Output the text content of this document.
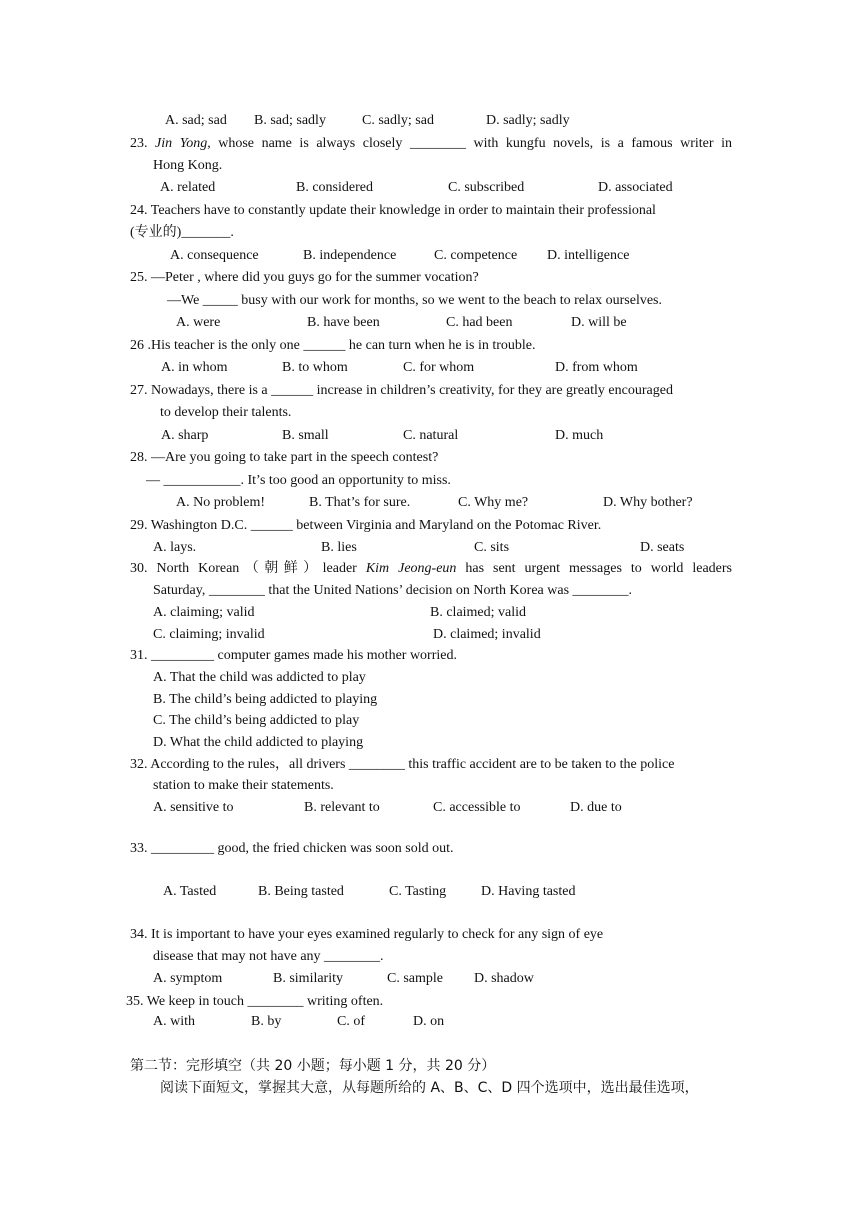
A. sad; sad B. sad; sadly	C. sadly; sad	D. sadly; sadly
23. Jin Yong, whose name is always closely ________ with kungfu novels, is a famous writer in
Hong Kong.
A. related	B. considered	C. subscribed	D. associated
24. Teachers have to constantly update their knowledge in order to maintain their professional
(专业的)_______.
A. consequence	B. independence	C. competence D. intelligence
25. —Peter , where did you guys go for the summer vocation?
—We _____ busy with our work for months, so we went to the beach to relax ourselves.
A. were	B. have been	C. had been	D. will be
26 .His teacher is the only one ______ he can turn when he is in trouble.
A. in whom	B. to whom	C. for whom	D. from whom
27. Nowadays, there is a ______ increase in children’s creativity, for they are greatly encouraged
to develop their talents.
A. sharp	B. small	C. natural	D. much
28. —Are you going to take part in the speech contest?
— ___________. It’s too good an opportunity to miss.
A. No problem!	B. That’s for sure.	C. Why me?	D. Why bother?
29. Washington D.C. ______ between Virginia and Maryland on the Potomac River.
A. lays.	B. lies	C. sits	D. seats
30. North Korean（朝鲜）leader Kim Jeong-eun has sent urgent messages to world leaders
Saturday, ________ that the United Nations’ decision on North Korea was ________.
A. claiming; valid	B. claimed; valid
C. claiming; invalid	D. claimed; invalid
31. _________ computer games made his mother worried.
A. That the child was addicted to play
B. The child’s being addicted to playing
C. The child’s being addicted to play
D. What the child addicted to playing
32. According to the rules，all drivers ________ this traffic accident are to be taken to the police
station to make their statements.
A. sensitive to	B. relevant to	C. accessible to	D. due to
33. _________ good, the fried chicken was soon sold out.
A. Tasted	B. Being tasted	C. Tasting D. Having tasted
34. It is important to have your eyes examined regularly to check for any sign of eye
disease that may not have any ________.
A. symptom	B. similarity	C. sample D. shadow
35. We keep in touch ________ writing often.
A. with	B. by	C. of	D. on
第二节：完形填空（共 20 小题；每小题 1 分，共 20 分）
阅读下面短文，掌握其大意，从每题所给的 A、B、C、D 四个选项中，选出最佳选项，
